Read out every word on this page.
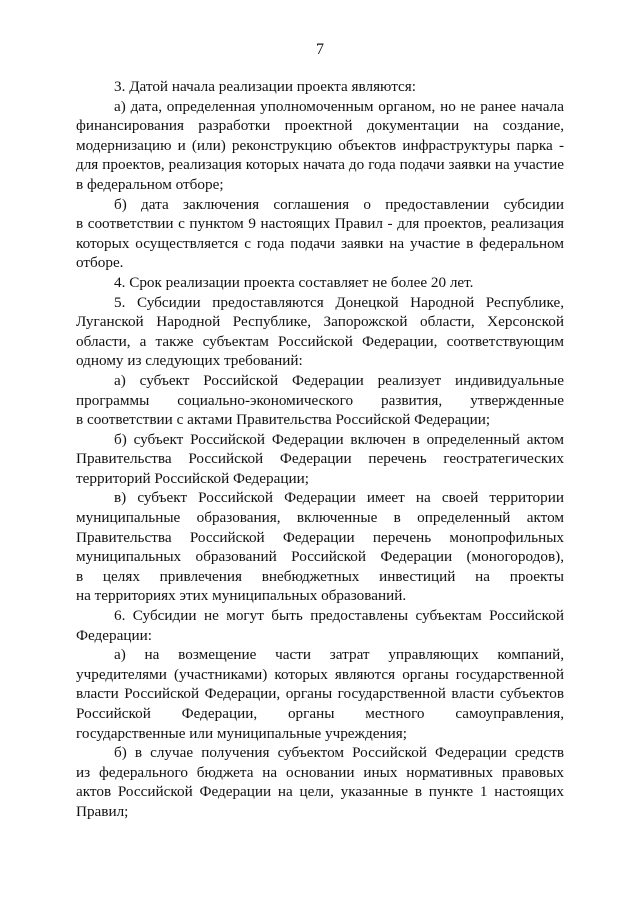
7
3. Датой начала реализации проекта являются:
а) дата, определенная уполномоченным органом, но не ранее начала
финансирования разработки проектной документации на создание,
модернизацию и (или) реконструкцию объектов инфраструктуры парка -
для проектов, реализация которых начата до года подачи заявки на участие
в федеральном отборе;
б) дата заключения соглашения о предоставлении субсидии
в соответствии с пунктом 9 настоящих Правил - для проектов, реализация
которых осуществляется с года подачи заявки на участие в федеральном
отборе.
4. Срок реализации проекта составляет не более 20 лет.
5. Субсидии предоставляются Донецкой Народной Республике,
Луганской Народной Республике, Запорожской области, Херсонской
области, а также субъектам Российской Федерации, соответствующим
одному из следующих требований:
а) субъект Российской Федерации реализует индивидуальные
программы социально-экономического развития, утвержденные
в соответствии с актами Правительства Российской Федерации;
б) субъект Российской Федерации включен в определенный актом
Правительства Российской Федерации перечень геостратегических
территорий Российской Федерации;
в) субъект Российской Федерации имеет на своей территории
муниципальные образования, включенные в определенный актом
Правительства Российской Федерации перечень монопрофильных
муниципальных образований Российской Федерации (моногородов),
в целях привлечения внебюджетных инвестиций на проекты
на территориях этих муниципальных образований.
6. Субсидии не могут быть предоставлены субъектам Российской
Федерации:
а) на возмещение части затрат управляющих компаний,
учредителями (участниками) которых являются органы государственной
власти Российской Федерации, органы государственной власти субъектов
Российской Федерации, органы местного самоуправления,
государственные или муниципальные учреждения;
б) в случае получения субъектом Российской Федерации средств
из федерального бюджета на основании иных нормативных правовых
актов Российской Федерации на цели, указанные в пункте 1 настоящих
Правил;
